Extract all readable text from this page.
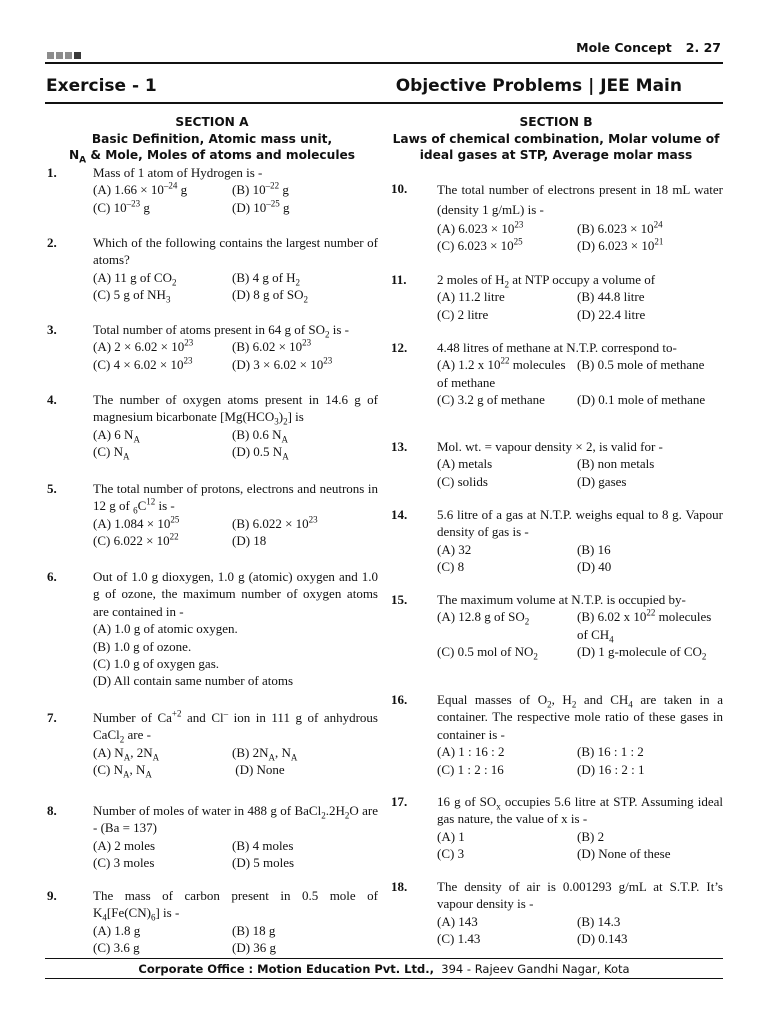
Mole Concept 2. 27
Exercise - 1	Objective Problems | JEE Main
SECTION A
Basic Definition, Atomic mass unit,
$N_A$ & Mole, Moles of atoms and molecules
SECTION B
Laws of chemical combination, Molar volume of ideal gases at STP, Average molar mass
1.	Mass of 1 atom of Hydrogen is -
(A) $1.66 \times 10^{-24}$ g	(B) $10^{-22}$ g
(C) $10^{-23}$ g	(D) $10^{-25}$ g
2.	Which of the following contains the largest number of atoms?
(A) 11 g of $CO_2$	(B) 4 g of $H_2$
(C) 5 g of $NH_3$	(D) 8 g of $SO_2$
3.	Total number of atoms present in 64 g of $SO_2$ is -
(A) $2 \times 6.02 \times 10^{23}$	(B) $6.02 \times 10^{23}$
(C) $4 \times 6.02 \times 10^{23}$	(D) $3 \times 6.02 \times 10^{23}$
4.	The number of oxygen atoms present in 14.6 g of magnesium bicarbonate $[Mg(HCO_3)_2]$ is
(A) 6 $N_A$	(B) 0.6 $N_A$
(C) $N_A$	(D) 0.5 $N_A$
5.	The total number of protons, electrons and neutrons in 12 g of $_6C^{12}$ is -
(A) $1.084 \times 10^{25}$	(B) $6.022 \times 10^{23}$
(C) $6.022 \times 10^{22}$	(D) 18
6.	Out of 1.0 g dioxygen, 1.0 g (atomic) oxygen and 1.0 g of ozone, the maximum number of oxygen atoms are contained in -
(A) 1.0 g of atomic oxygen.
(B) 1.0 g of ozone.
(C) 1.0 g of oxygen gas.
(D) All contain same number of atoms
7.	Number of $Ca^{+2}$ and Cl– ion in 111 g of anhydrous CaCl$_2$ are -
(A) $N_A$, $2N_A$	(B) $2N_A$, $N_A$
(C) $N_A$, $N_A$	(D) None
8.	Number of moles of water in 488 g of $BaCl_2.2H_2O$ are - (Ba = 137)
(A) 2 moles	(B) 4 moles
(C) 3 moles	(D) 5 moles
9.	The mass of carbon present in 0.5 mole of $K_4[Fe(CN)_6]$ is -
(A) 1.8 g	(B) 18 g
(C) 3.6 g	(D) 36 g
10. The total number of electrons present in 18 mL water (density 1 g/mL) is -
(A) $6.023 \times 10^{23}$	(B) $6.023 \times 10^{24}$
(C) $6.023 \times 10^{25}$	(D) $6.023 \times 10^{21}$
11. 2 moles of $H_2$ at NTP occupy a volume of
(A) 11.2 litre	(B) 44.8 litre
(C) 2 litre	(D) 22.4 litre
12. 4.48 litres of methane at N.T.P. correspond to-
(A) 1.2 x $10^{22}$ molecules of methane
(B) 0.5 mole of methane
(C) 3.2 g of methane	(D) 0.1 mole of methane
13. Mol. wt. = vapour density × 2, is valid for -
(A) metals	(B) non metals
(C) solids	(D) gases
14. 5.6 litre of a gas at N.T.P. weighs equal to 8 g. Vapour density of gas is -
(A) 32	(B) 16
(C) 8	(D) 40
15. The maximum volume at N.T.P. is occupied by-
(A) 12.8 g of $SO_2$	(B) 6.02 x $10^{22}$ molecules of $CH_4$
(C) 0.5 mol of $NO_2$	(D) 1 g-molecule of $CO_2$
16. Equal masses of $O_2$, $H_2$ and $CH_4$ are taken in a container. The respective mole ratio of these gases in container is -
(A) 1 : 16 : 2	(B) 16 : 1 : 2
(C) 1 : 2 : 16	(D) 16 : 2 : 1
17. 16 g of $SO_x$ occupies 5.6 litre at STP. Assuming ideal gas nature, the value of x is -
(A) 1	(B) 2
(C) 3	(D) None of these
18. The density of air is 0.001293 g/mL at S.T.P. It’s vapour density is -
(A) 143	(B) 14.3
(C) 1.43	(D) 0.143
Corporate Office : Motion Education Pvt. Ltd., 394 - Rajeev Gandhi Nagar, Kota
